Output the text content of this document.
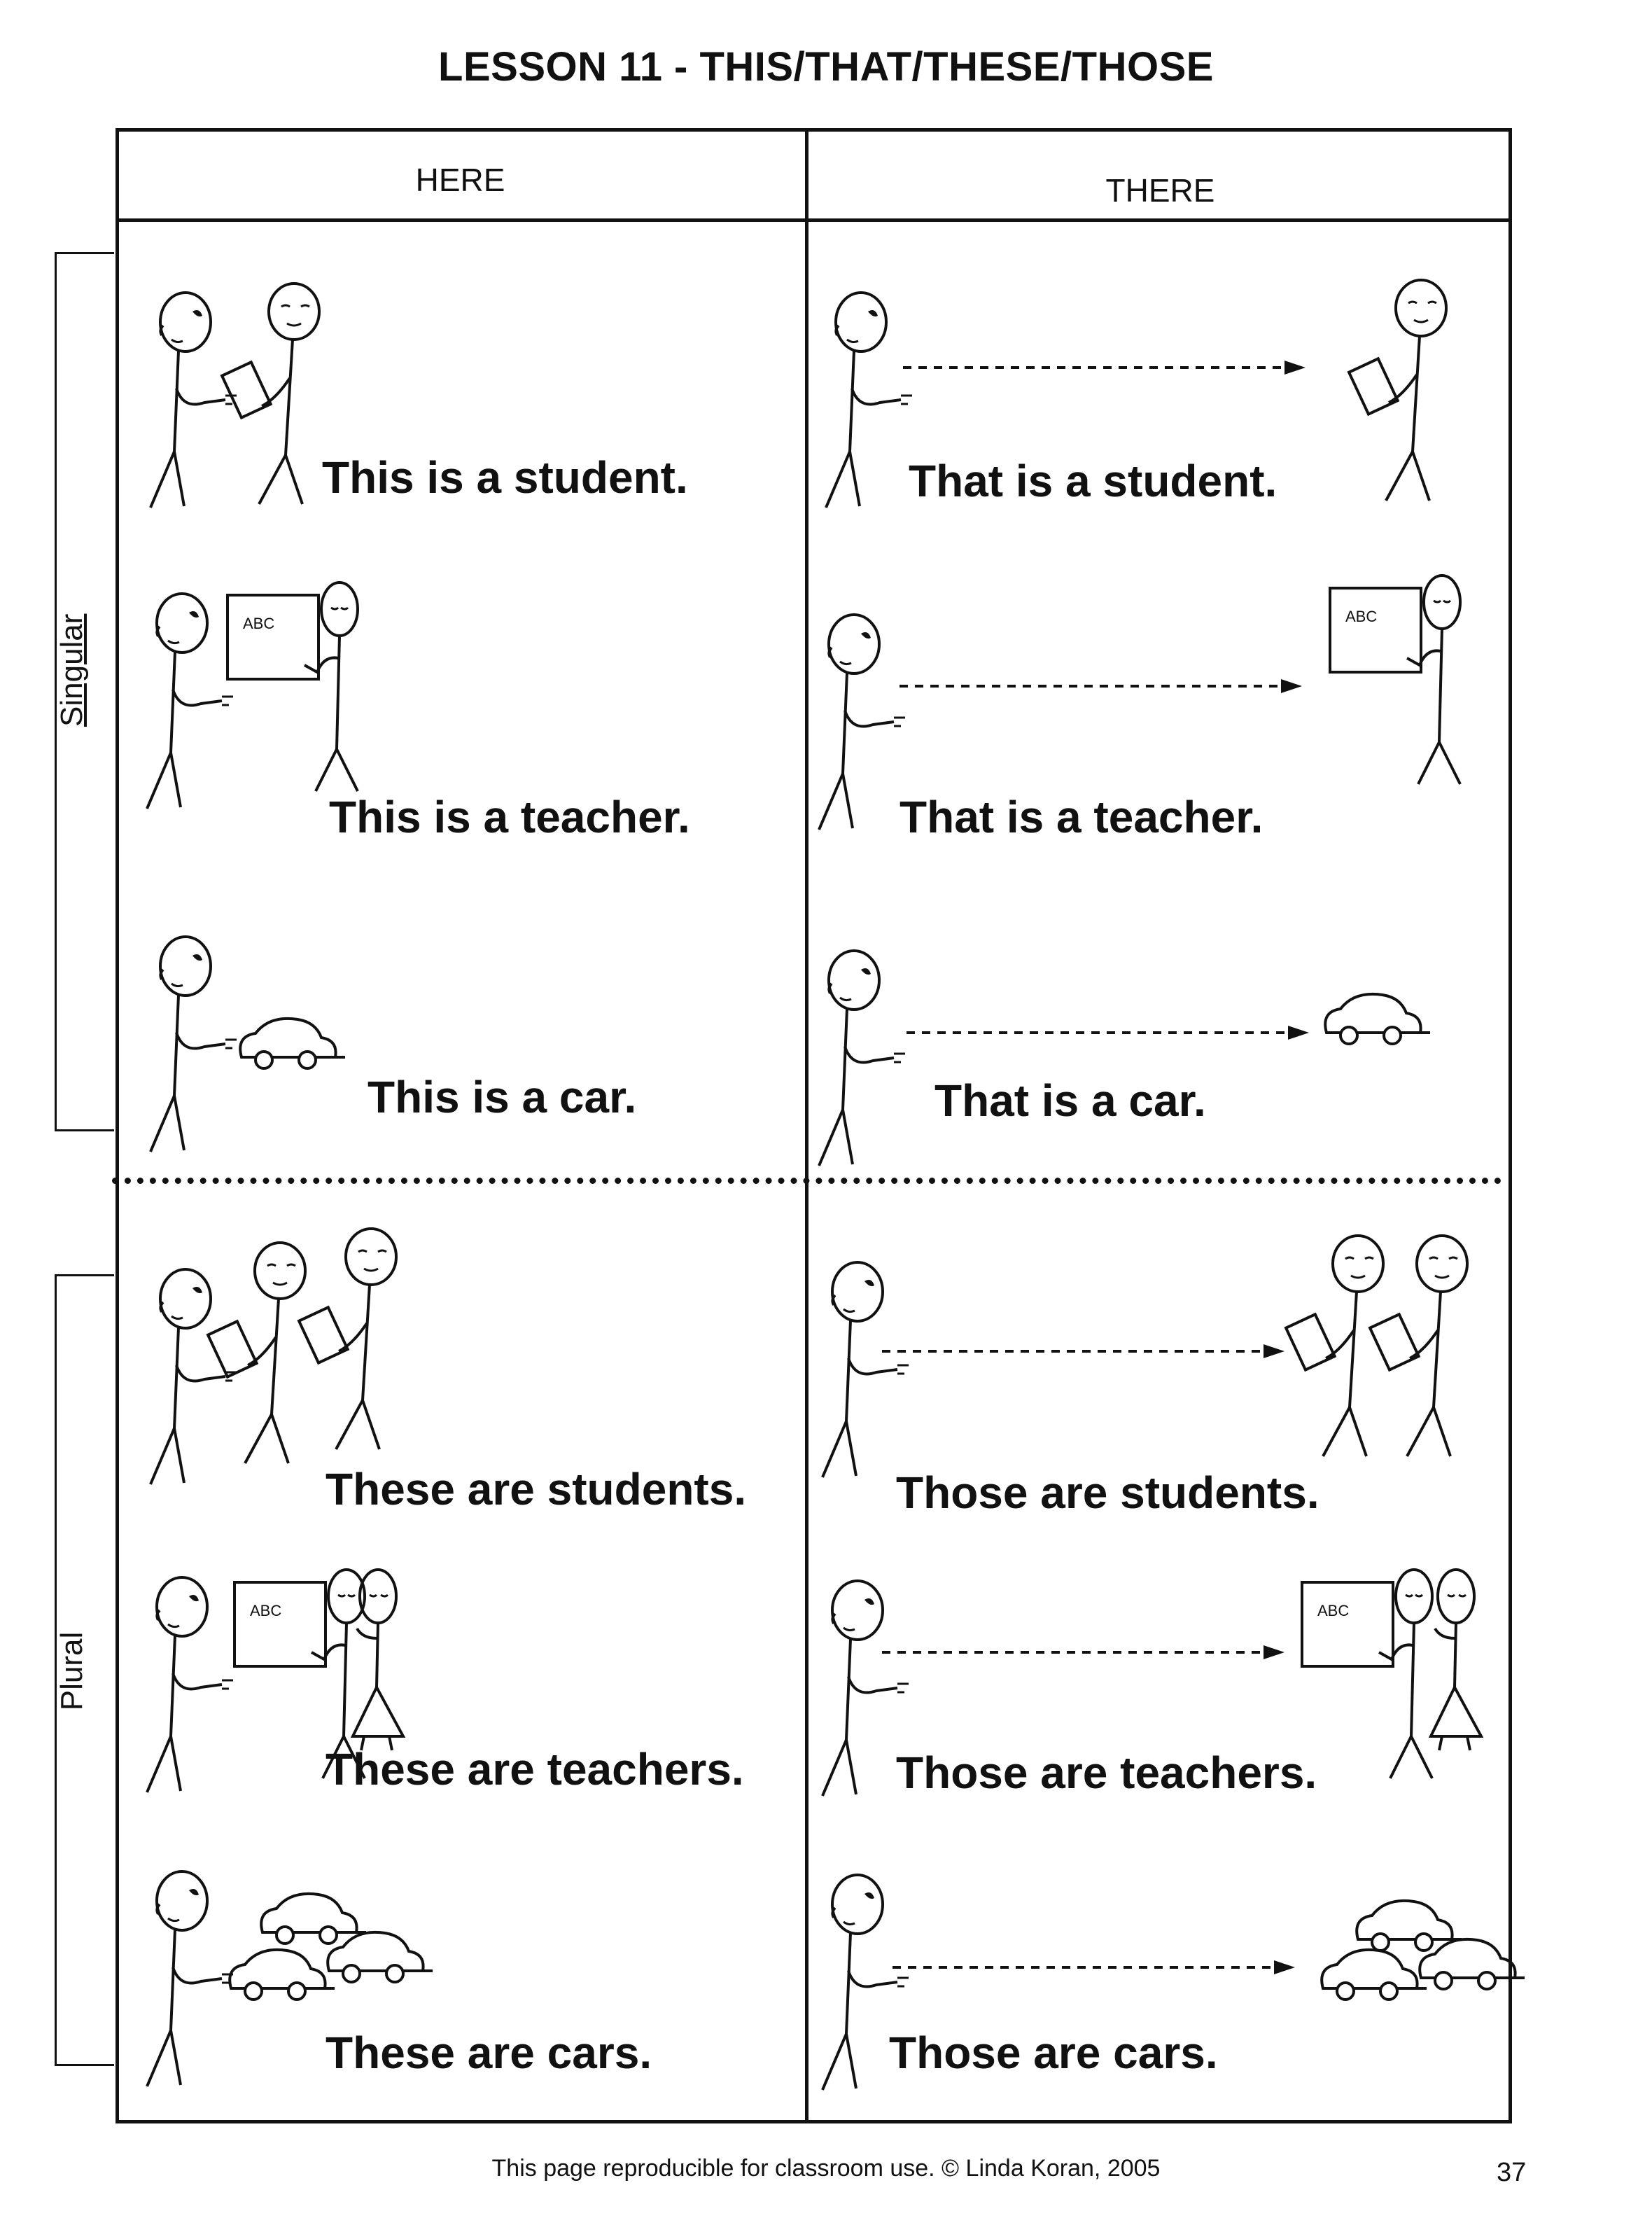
LESSON 11 - THIS/THAT/THESE/THOSE
HERE	THERE
Singular
Plural
This is a student.	That is a student.
This is a teacher.	That is a teacher.
This is a car.	That is a car.
These are students.	Those are students.
These are teachers.	Those are teachers.
These are cars.	Those are cars.
This page reproducible for classroom use. © Linda Koran, 2005	37
